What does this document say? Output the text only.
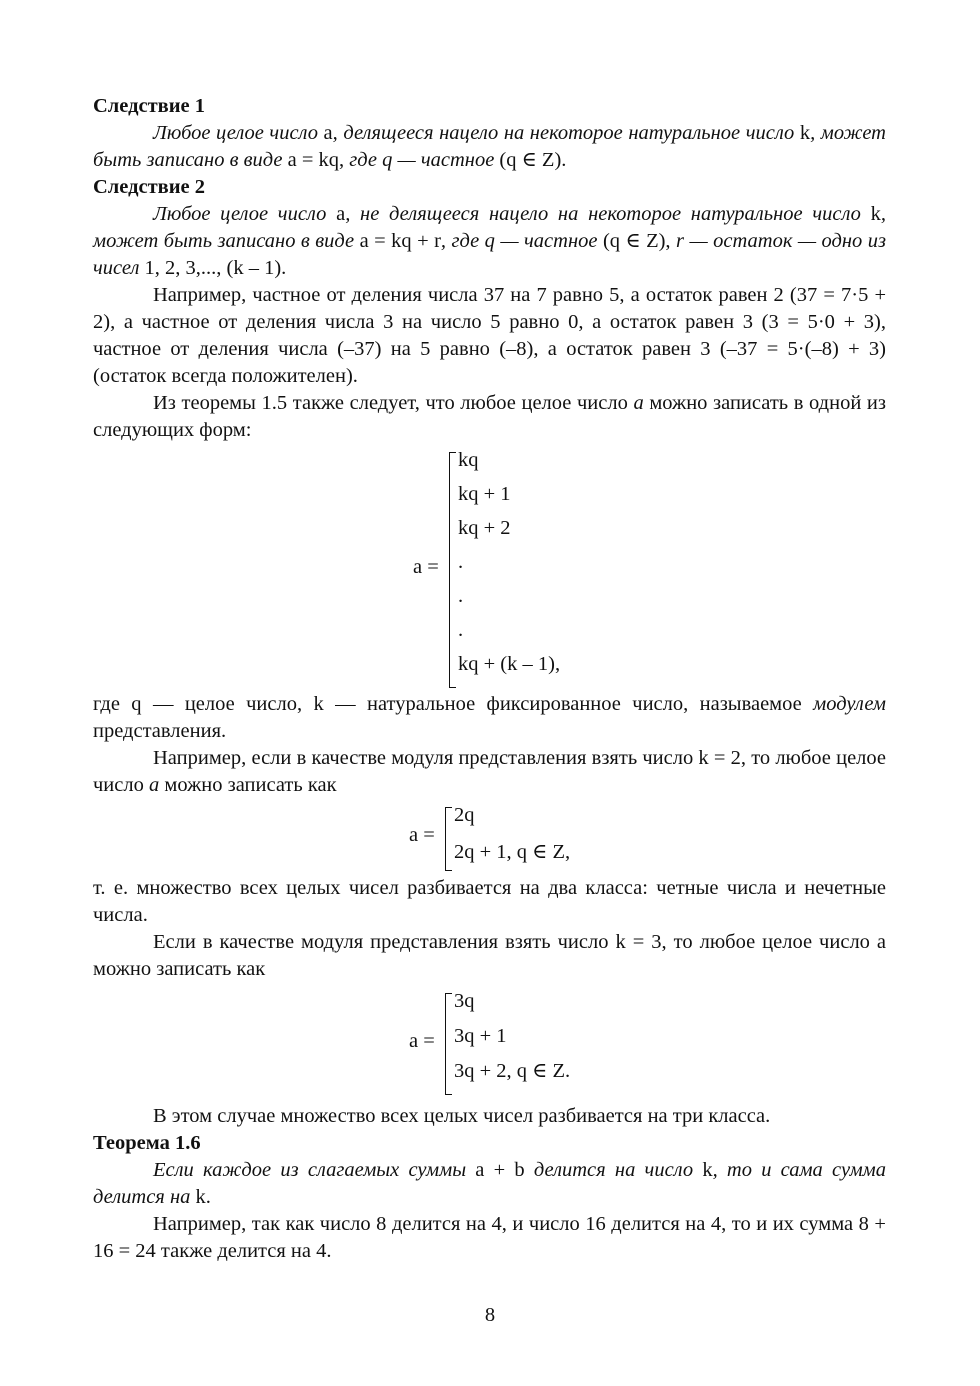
Следствие 1

Любое целое число a, делящееся нацело на некоторое натуральное число k, может быть записано в виде a = kq, где q — частное (q ∈ Z).

Следствие 2

Любое целое число a, не делящееся нацело на некоторое натуральное число k, может быть записано в виде a = kq + r, где q — частное (q ∈ Z), r — остаток — одно из чисел 1, 2, 3,..., (k – 1).

Например, частное от деления числа 37 на 7 равно 5, а остаток равен 2 (37 = 7·5 + 2), а частное от деления числа 3 на число 5 равно 0, а остаток равен 3 (3 = 5·0 + 3), частное от деления числа (–37) на 5 равно (–8), а остаток равен 3 (–37 = 5·(–8) + 3) (остаток всегда положителен).

Из теоремы 1.5 также следует, что любое целое число a можно записать в одной из следующих форм:

a =
kq
kq + 1
kq + 2
.
.
.
kq + (k – 1),

где q — целое число, k — натуральное фиксированное число, называемое модулем представления.

Например, если в качестве модуля представления взять число k = 2, то любое целое число a можно записать как

a =
2q
2q + 1, q ∈ Z,

т. е. множество всех целых чисел разбивается на два класса: четные числа и нечетные числа.

Если в качестве модуля представления взять число k = 3, то любое целое число a можно записать как

a =
3q
3q + 1
3q + 2, q ∈ Z.

В этом случае множество всех целых чисел разбивается на три класса.

Теорема 1.6

Если каждое из слагаемых суммы a + b делится на число k, то и сама сумма делится на k.

Например, так как число 8 делится на 4, и число 16 делится на 4, то и их сумма 8 + 16 = 24 также делится на 4.

8
